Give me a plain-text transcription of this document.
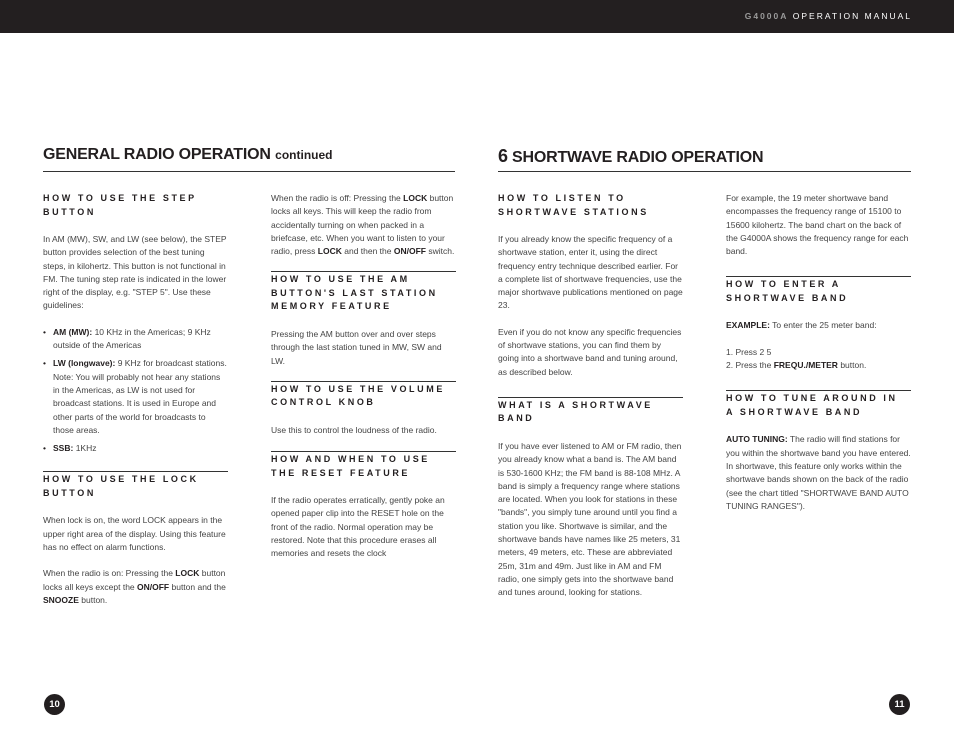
G4000A OPERATION MANUAL
GENERAL RADIO OPERATION continued	6 SHORTWAVE RADIO OPERATION
HOW TO USE THE STEP BUTTON

In AM (MW), SW, and LW (see below), the STEP button provides selection of the best tuning steps, in kilohertz. This button is not functional in FM. The tuning step rate is indicated in the lower right of the display, e.g. "STEP 5". Use these guidelines:

• AM (MW): 10 KHz in the Americas; 9 KHz outside of the Americas
• LW (longwave): 9 KHz for broadcast stations. Note: You will probably not hear any stations in the Americas, as LW is not used for broadcast stations. It is used in Europe and other parts of the world for broadcasts to those areas.
• SSB: 1KHz
HOW TO USE THE LOCK BUTTON

When lock is on, the word LOCK appears in the upper right area of the display. Using this feature has no effect on alarm functions.

When the radio is on: Pressing the LOCK button locks all keys except the ON/OFF button and the SNOOZE button.

When the radio is off: Pressing the LOCK button locks all keys. This will keep the radio from accidentally turning on when packed in a briefcase, etc. When you want to listen to your radio, press LOCK and then the ON/OFF switch.

HOW TO USE THE AM BUTTON'S LAST STATION MEMORY FEATURE

Pressing the AM button over and over steps through the last station tuned in MW, SW and LW.

HOW TO USE THE VOLUME CONTROL KNOB

Use this to control the loudness of the radio.

HOW AND WHEN TO USE THE RESET FEATURE

If the radio operates erratically, gently poke an opened paper clip into the RESET hole on the front of the radio. Normal operation may be restored. Note that this procedure erases all memories and resets the clock

HOW TO LISTEN TO SHORTWAVE STATIONS

If you already know the specific frequency of a shortwave station, enter it, using the direct frequency entry technique described earlier. For a complete list of shortwave frequencies, use the major shortwave publications mentioned on page 23.

Even if you do not know any specific frequencies of shortwave stations, you can find them by going into a shortwave band and tuning around, as described below.

WHAT IS A SHORTWAVE BAND

If you have ever listened to AM or FM radio, then you already know what a band is. The AM band is 530-1600 KHz; the FM band is 88-108 MHz. A band is simply a frequency range where stations are located. When you look for stations in these "bands", you simply tune around until you find a station you like. Shortwave is similar, and the shortwave bands have names like 25 meters, 31 meters, 49 meters, etc. These are abbreviated 25m, 31m and 49m. Just like in AM and FM radio, one simply gets into the shortwave band and tunes around, looking for stations.

For example, the 19 meter shortwave band encompasses the frequency range of 15100 to 15600 kilohertz. The band chart on the back of the G4000A shows the frequency range for each band.

HOW TO ENTER A SHORTWAVE BAND

EXAMPLE: To enter the 25 meter band:

1. Press 2 5
2. Press the FREQU./METER button.

HOW TO TUNE AROUND IN A SHORTWAVE BAND

AUTO TUNING: The radio will find stations for you within the shortwave band you have entered. In shortwave, this feature only works within the shortwave bands shown on the back of the radio (see the chart titled "SHORTWAVE BAND AUTO TUNING RANGES").

10	11
